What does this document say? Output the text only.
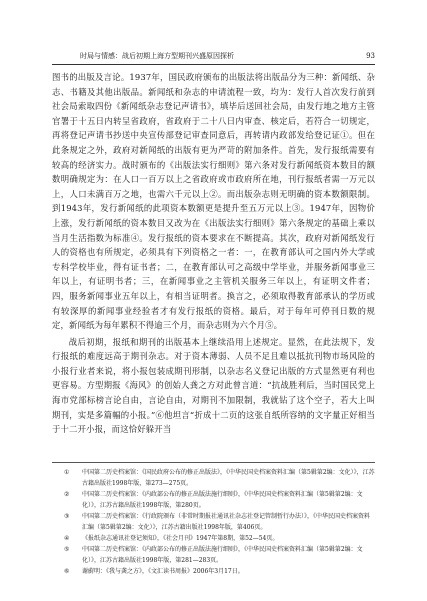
时局与情感：战后初期上海方型期刊兴盛原因探析	93

图书的出版及言论。1937年，国民政府颁布的出版法将出版品分为三种：新闻纸、杂志、书籍及其他出版品。新闻纸和杂志的申请流程一致，均为：发行人首次发行前到社会局索取四份《新闻纸杂志登记声请书》，填毕后送回社会局，由发行地之地方主管官署于十五日内转呈省政府，省政府于二十八日内审查、核定后，若符合一切规定，再将登记声请书抄送中央宣传部登记审查同意后，再转请内政部发给登记证①。但在此条规定之外，政府对新闻纸的出版有更为严苛的附加条件。首先，发行报纸需要有较高的经济实力。战时颁布的《出版法实行细则》第六条对发行新闻纸资本数目的额数明确规定为：在人口一百万以上之省政府或市政府所在地，刊行报纸者需一万元以上，人口未满百万之地，也需六千元以上②。而出版杂志则无明确的资本数额限制。到1943年，发行新闻纸的此项资本数额更是提升至五万元以上③。1947年，因物价上涨，发行新闻纸的资本数目又改为在《出版法实行细则》第六条规定的基础上乘以当月生活指数为标准④。发行报纸的资本要求在不断提高。其次，政府对新闻纸发行人的资格也有所规定，必须具有下列资格之一者：一，在教育部认可之国内外大学或专科学校毕业，得有证书者；二，在教育部认可之高级中学毕业，并服务新闻事业三年以上，有证明书者；三，在新闻事业之主管机关服务三年以上，有证明文件者；四，服务新闻事业五年以上，有相当证明者。换言之，必须取得教育部承认的学历或有较深厚的新闻事业经验者才有发行报纸的资格。最后，对于每年可停刊日数的规定，新闻纸为每年累积不得逾三个月，而杂志则为六个月⑤。

战后初期，报纸和期刊的出版基本上继续沿用上述规定。显然，在此法规下，发行报纸的难度远高于期刊杂志。对于资本薄弱、人员不足且难以抵抗刊物市场风险的小报行业者来说，将小报包装成期刊形制，以杂志名义登记出版的方式显然更有利也更容易。方型期报《海风》的创始人龚之方对此曾言道：“抗战胜利后，当时国民党上海市党部标榜言论自由，言论自由，对期刊不加限制，我就钻了这个空子，若大上叫期刊，实是多篇幅的小报。”⑥他坦言“折成十二页的这张自纸所容纳的文字量正好相当于十二开小报，而这恰好躲开当

① 中国第二历史档案馆：《国民政府公布的修正出版法》，《中华民国史档案资料汇编（第5辑第2编：文化）》，江苏古籍出版社1998年版，第273—275页。
② 中国第二历史档案馆：《内政部公布的修正出版法施行细则》，《中华民国史档案资料汇编（第5辑第2编：文化）》，江苏古籍出版社1998年版，第280页。
③ 中国第二历史档案馆：《行政院颁布（非常时期报社通讯社杂志社登记管制暂行办法）》，《中华民国史档案资料汇编（第5辑第2编：文化）》，江苏古籍出版社1998年版，第406页。
④ 《报纸杂志通讯社登记须知》，《社会月刊》1947年第8期，第52—54页。
⑤ 中国第二历史档案馆：《内政部公布的修正出版法施行细则》，《中华民国史档案资料汇编（第5辑第2编：文化）》，江苏古籍出版社1998年版，第281—283页。
⑥ 谢蔚明：《我与龚之方》，《文汇读书周报》2006年3月17日。
